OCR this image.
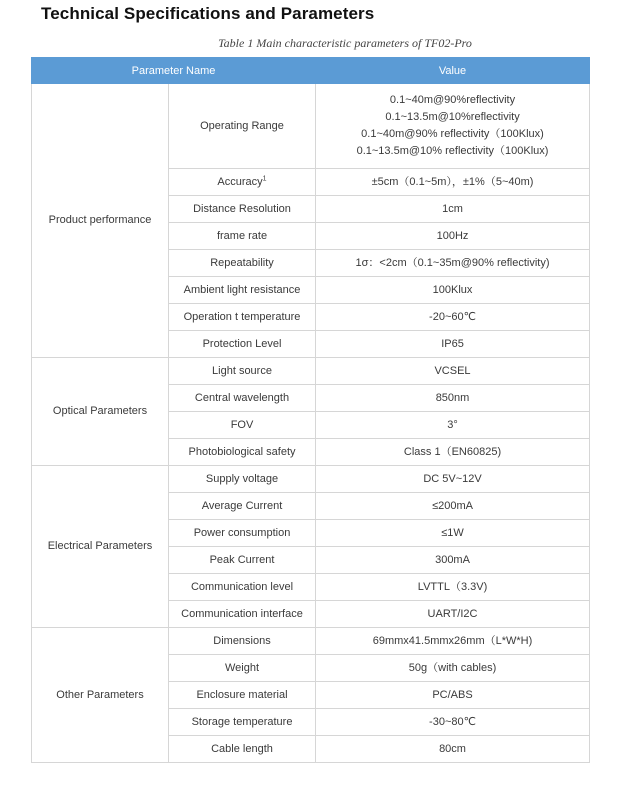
Technical Specifications and Parameters
Table 1 Main characteristic parameters of TF02-Pro
Parameter Name		Value
Product performance	Operating Range	0.1~40m@90%reflectivity
0.1~13.5m@10%reflectivity
0.1~40m@90% reflectivity（100Klux)
0.1~13.5m@10% reflectivity（100Klux)

	Accuracy$^1$	±5cm（0.1~5m），±1%（5~40m)
	Distance Resolution	1cm
	frame rate	100Hz
	Repeatability	1σ：<2cm（0.1~35m@90% reflectivity)
	Ambient light resistance	100Klux
	Operation t temperature	-20~60℃
	Protection Level	IP65
Optical Parameters	Light source	VCSEL
	Central wavelength	850nm
	FOV	3°
	Photobiological safety	Class 1（EN60825)
Electrical Parameters	Supply voltage	DC 5V~12V
	Average Current	≤200mA
	Power consumption	≤1W
	Peak Current	300mA
	Communication level	LVTTL（3.3V)
	Communication interface	UART/I2C
Other Parameters	Dimensions	69mmx41.5mmx26mm（L*W*H)
	Weight	50g（with cables)
	Enclosure material	PC/ABS
	Storage temperature	-30~80℃
	Cable length	80cm
